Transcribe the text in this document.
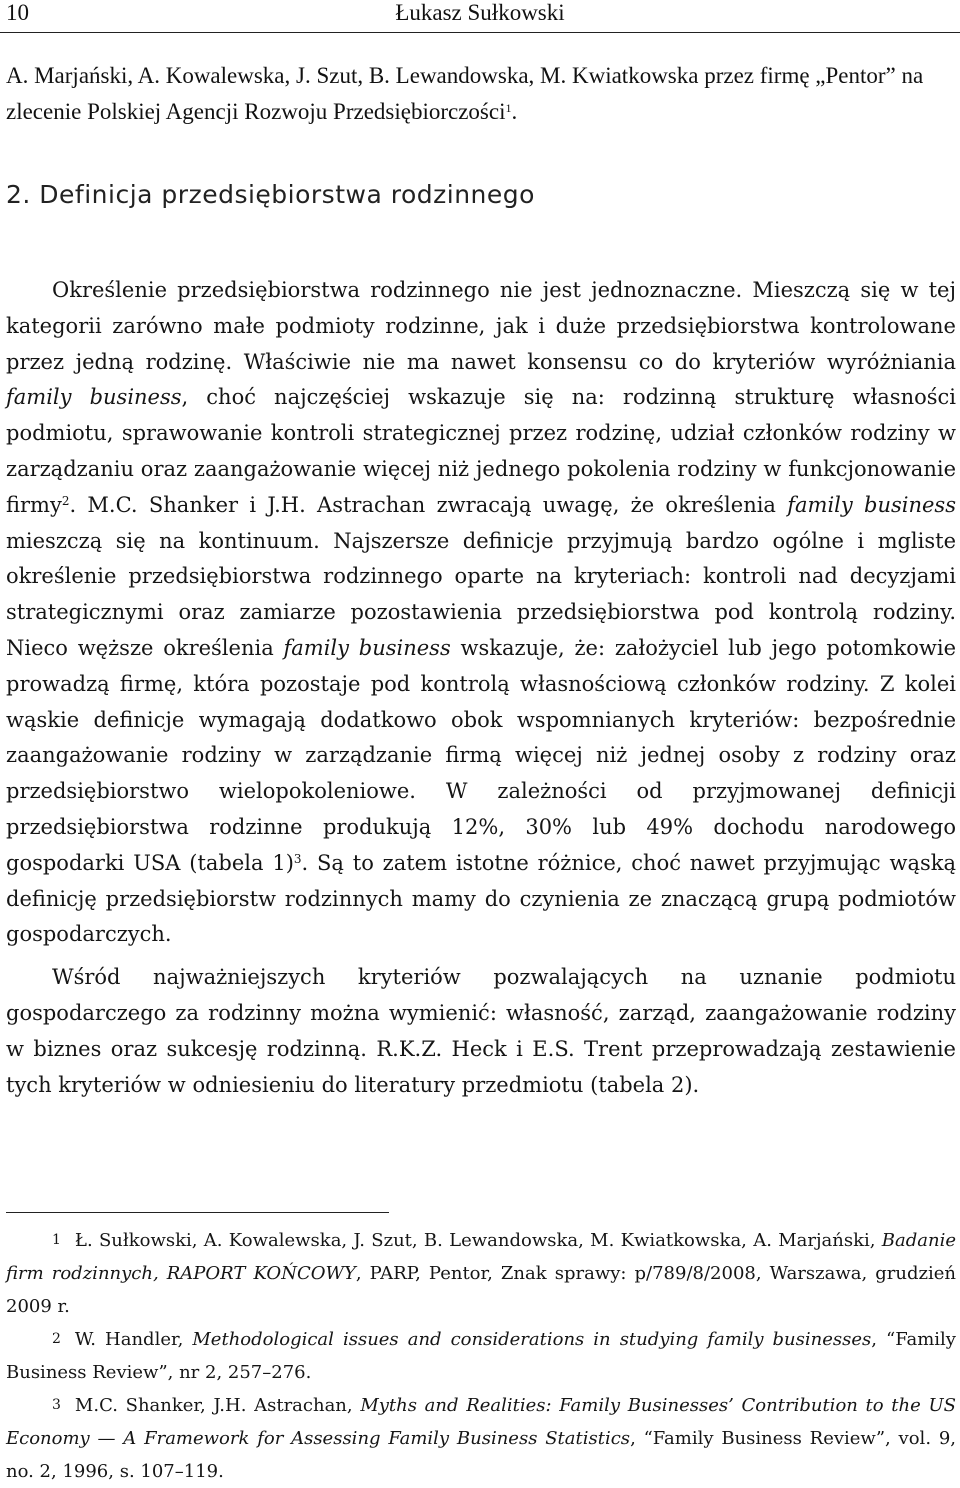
10	Łukasz Sułkowski
A. Marjański, A. Kowalewska, J. Szut, B. Lewandowska, M. Kwiatkowska przez firmę „Pentor” na zlecenie Polskiej Agencji Rozwoju Przedsiębiorczości$^1$.
2. Definicja przedsiębiorstwa rodzinnego

Określenie przedsiębiorstwa rodzinnego nie jest jednoznaczne. Mieszczą się w tej kategorii zarówno małe podmioty rodzinne, jak i duże przedsiębiorstwa kontrolowane przez jedną rodzinę. Właściwie nie ma nawet konsensu co do kryteriów wyróżniania family business, choć najczęściej wskazuje się na: rodzinną strukturę własności podmiotu, sprawowanie kontroli strategicznej przez rodzinę, udział członków rodziny w zarządzaniu oraz zaangażowanie więcej niż jednego pokolenia rodziny w funkcjonowanie firmy$^2$. M.C. Shanker i J.H. Astrachan zwracają uwagę, że określenia family business mieszczą się na kontinuum. Najszersze definicje przyjmują bardzo ogólne i mgliste określenie przedsiębiorstwa rodzinnego oparte na kryteriach: kontroli nad decyzjami strategicznymi oraz zamiarze pozostawienia przedsiębiorstwa pod kontrolą rodziny. Nieco węższe określenia family business wskazuje, że: założyciel lub jego potomkowie prowadzą firmę, która pozostaje pod kontrolą własnościową członków rodziny. Z kolei wąskie definicje wymagają dodatkowo obok wspomnianych kryteriów: bezpośrednie zaangażowanie rodziny w zarządzanie firmą więcej niż jednej osoby z rodziny oraz przedsiębiorstwo wielopokoleniowe. W zależności od przyjmowanej definicji przedsiębiorstwa rodzinne produkują 12%, 30% lub 49% dochodu narodowego gospodarki USA (tabela 1)$^3$. Są to zatem istotne różnice, choć nawet przyjmując wąską definicję przedsiębiorstw rodzinnych mamy do czynienia ze znaczącą grupą podmiotów gospodarczych.

Wśród najważniejszych kryteriów pozwalających na uznanie podmiotu gospodarczego za rodzinny można wymienić: własność, zarząd, zaangażowanie rodziny w biznes oraz sukcesję rodzinną. R.K.Z. Heck i E.S. Trent przeprowadzają zestawienie tych kryteriów w odniesieniu do literatury przedmiotu (tabela 2).

1 Ł. Sułkowski, A. Kowalewska, J. Szut, B. Lewandowska, M. Kwiatkowska, A. Marjański, Badanie firm rodzinnych, RAPORT KOŃCOWY, PARP, Pentor, Znak sprawy: p/789/8/2008, Warszawa, grudzień 2009 r.

2 W. Handler, Methodological issues and considerations in studying family businesses, “Family Business Review”, nr 2, 257–276.

3 M.C. Shanker, J.H. Astrachan, Myths and Realities: Family Businesses’ Contribution to the US Economy — A Framework for Assessing Family Business Statistics, “Family Business Review”, vol. 9, no. 2, 1996, s. 107–119.
